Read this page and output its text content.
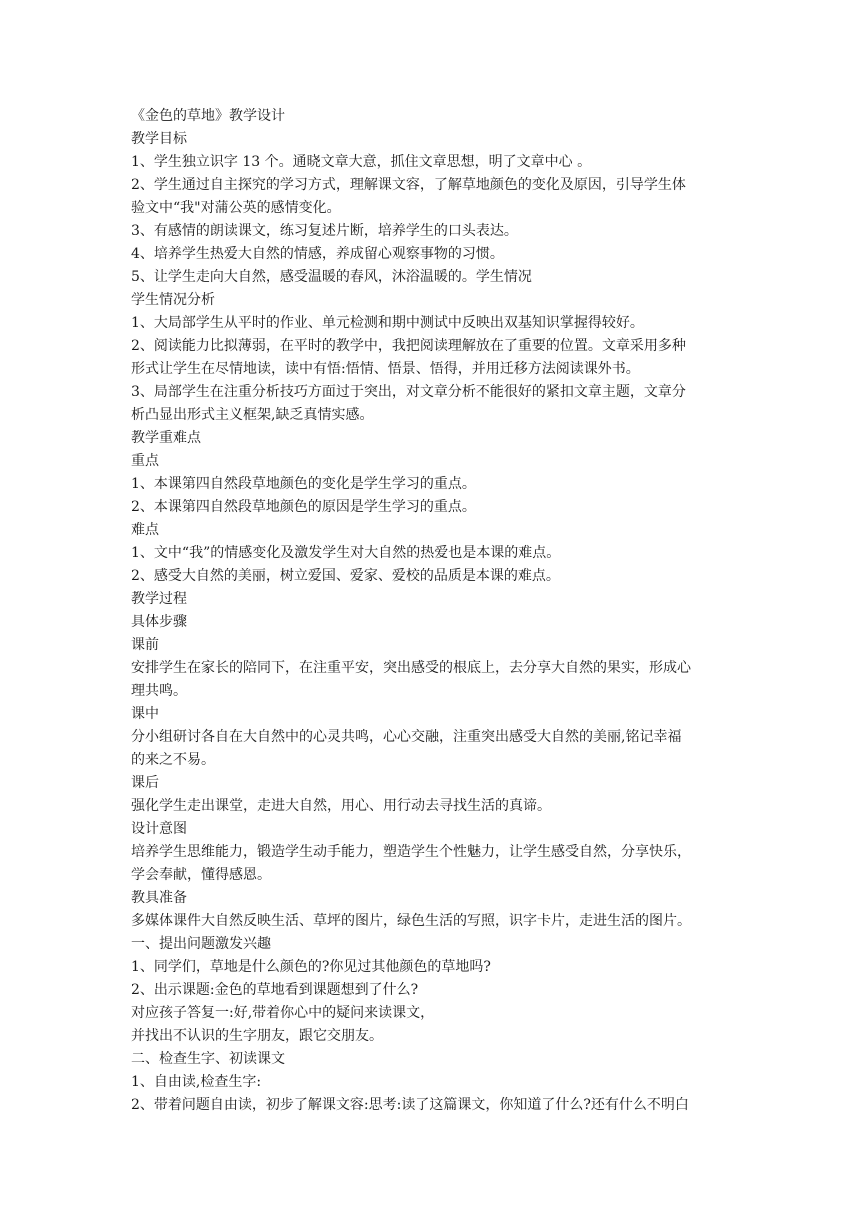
《金色的草地》教学设计
教学目标
1、学生独立识字 13 个。通晓文章大意，抓住文章思想，明了文章中心 。
2、学生通过自主探究的学习方式，理解课文容，了解草地颜色的变化及原因，引导学生体
验文中“我"对蒲公英的感情变化。
3、有感情的朗读课文，练习复述片断，培养学生的口头表达。
4、培养学生热爱大自然的情感，养成留心观察事物的习惯。
5、让学生走向大自然，感受温暖的春风，沐浴温暖的。学生情况
学生情况分析
1、大局部学生从平时的作业、单元检测和期中测试中反映出双基知识掌握得较好。
2、阅读能力比拟薄弱，在平时的教学中，我把阅读理解放在了重要的位置。文章采用多种
形式让学生在尽情地读，读中有悟:悟情、悟景、悟得，并用迁移方法阅读课外书。
3、局部学生在注重分析技巧方面过于突出，对文章分析不能很好的紧扣文章主题，文章分
析凸显出形式主义框架,缺乏真情实感。
教学重难点
重点
1、本课第四自然段草地颜色的变化是学生学习的重点。
2、本课第四自然段草地颜色的原因是学生学习的重点。
难点
1、文中“我”的情感变化及激发学生对大自然的热爱也是本课的难点。
2、感受大自然的美丽，树立爱国、爱家、爱校的品质是本课的难点。
教学过程
具体步骤
课前
安排学生在家长的陪同下，在注重平安，突出感受的根底上，去分享大自然的果实，形成心
理共鸣。
课中
分小组研讨各自在大自然中的心灵共鸣，心心交融，注重突出感受大自然的美丽,铭记幸福
的来之不易。
课后
强化学生走出课堂，走进大自然，用心、用行动去寻找生活的真谛。
设计意图
培养学生思维能力，锻造学生动手能力，塑造学生个性魅力，让学生感受自然，分享快乐，
学会奉献，懂得感恩。
教具准备
多媒体课件大自然反映生活、草坪的图片，绿色生活的写照，识字卡片，走进生活的图片。
一、提出问题激发兴趣
1、同学们，草地是什么颜色的?你见过其他颜色的草地吗?
2、出示课题:金色的草地看到课题想到了什么?
对应孩子答复一:好,带着你心中的疑问来读课文，
并找出不认识的生字朋友，跟它交朋友。
二、检查生字、初读课文
1、自由读,检查生字:
2、带着问题自由读，初步了解课文容:思考:读了这篇课文，你知道了什么?还有什么不明白
